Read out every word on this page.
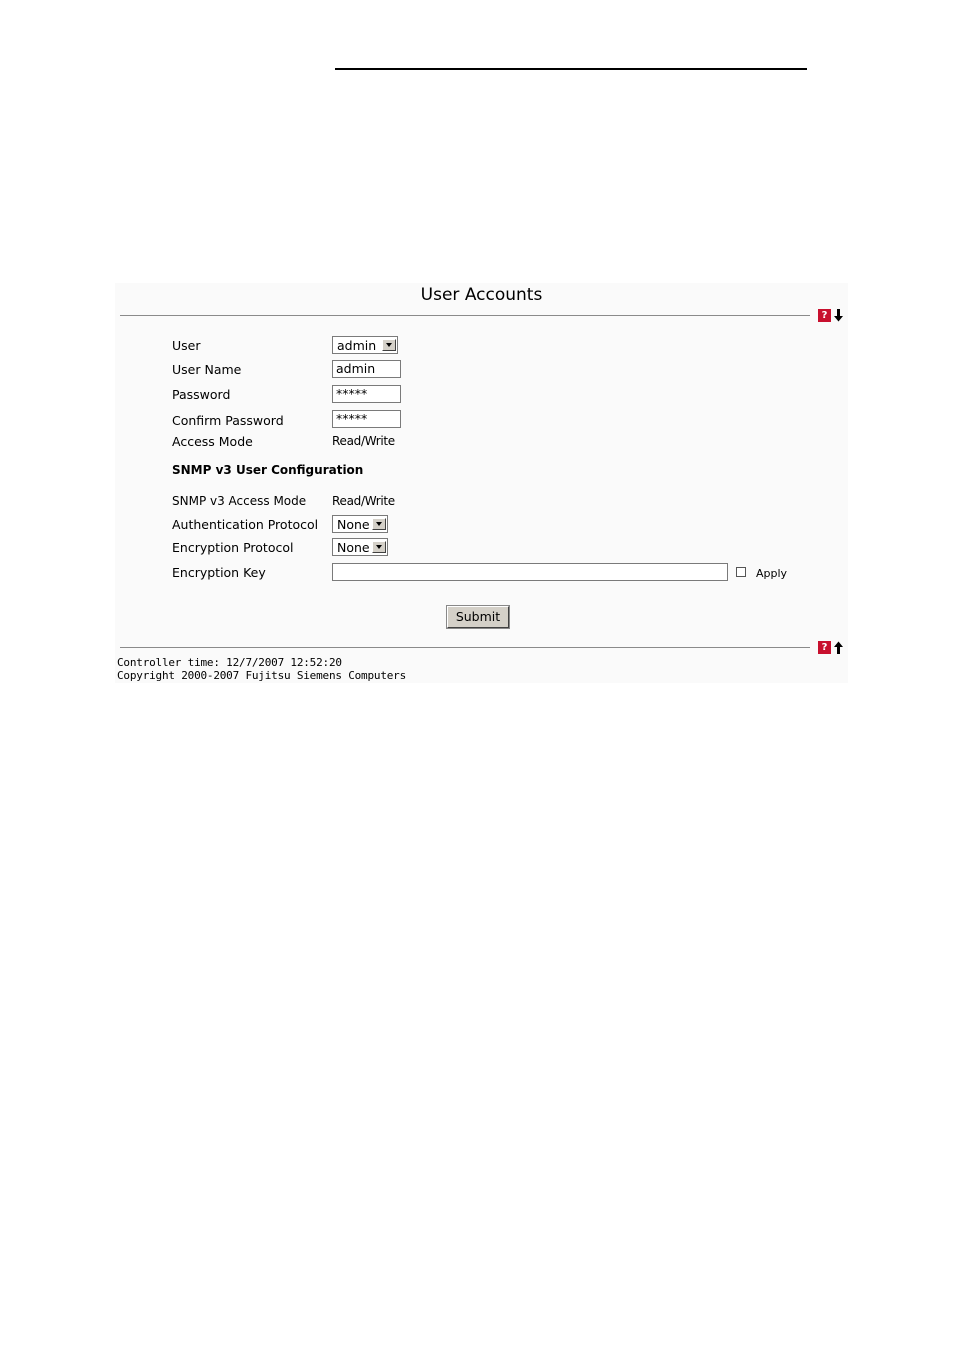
User Accounts
?
User	admin
User Name	admin
Password	*****
Confirm Password	*****
Access Mode	Read/Write
SNMP v3 User Configuration
SNMP v3 Access Mode Read/Write
Authentication Protocol None
Encryption Protocol	None
Encryption Key	Apply
Submit
?
Controller time: 12/7/2007 12:52:20
Copyright 2000-2007 Fujitsu Siemens Computers
